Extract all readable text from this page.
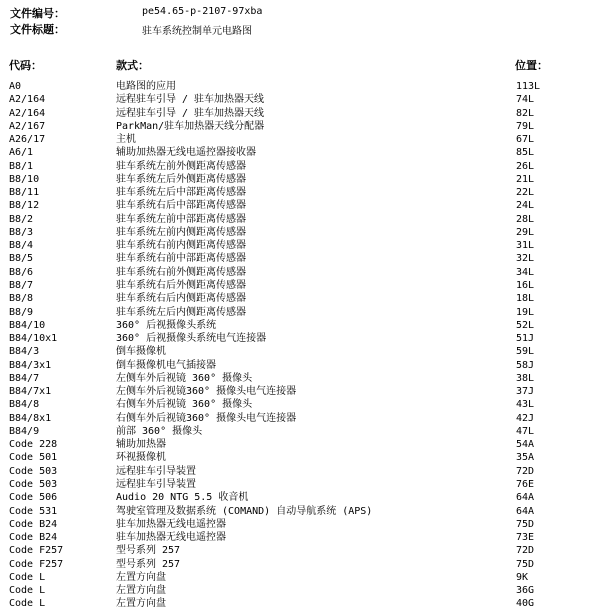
文件编号：	pe54.65-p-2107-97xba
文件标题：	驻车系统控制单元电路图
代码：	款式：	位置：
A0	电路图的应用	113L
A2/164	远程驻车引导 / 驻车加热器天线	74L
A2/164	远程驻车引导 / 驻车加热器天线	82L
A2/167	ParkMan/驻车加热器天线分配器	79L
A26/17	主机	67L
A6/1	辅助加热器无线电遥控器接收器	85L
B8/1	驻车系统左前外侧距离传感器	26L
B8/10	驻车系统左后外侧距离传感器	21L
B8/11	驻车系统左后中部距离传感器	22L
B8/12	驻车系统右后中部距离传感器	24L
B8/2	驻车系统左前中部距离传感器	28L
B8/3	驻车系统左前内侧距离传感器	29L
B8/4	驻车系统右前内侧距离传感器	31L
B8/5	驻车系统右前中部距离传感器	32L
B8/6	驻车系统右前外侧距离传感器	34L
B8/7	驻车系统右后外侧距离传感器	16L
B8/8	驻车系统右后内侧距离传感器	18L
B8/9	驻车系统左后内侧距离传感器	19L
B84/10	360° 后视摄像头系统	52L
B84/10x1	360° 后视摄像头系统电气连接器	51J
B84/3	倒车摄像机	59L
B84/3x1	倒车摄像机电气插接器	58J
B84/7	左侧车外后视镜 360° 摄像头	38L
B84/7x1	左侧车外后视镜360° 摄像头电气连接器	37J
B84/8	右侧车外后视镜 360° 摄像头	43L
B84/8x1	右侧车外后视镜360° 摄像头电气连接器	42J
B84/9	前部 360° 摄像头	47L
Code 228	辅助加热器	54A
Code 501	环视摄像机	35A
Code 503	远程驻车引导装置	72D
Code 503	远程驻车引导装置	76E
Code 506	Audio 20 NTG 5.5 收音机	64A
Code 531	驾驶室管理及数据系统 (COMAND) 自动导航系统 (APS)	64A
Code B24	驻车加热器无线电遥控器	75D
Code B24	驻车加热器无线电遥控器	73E
Code F257	型号系列 257	72D
Code F257	型号系列 257	75D
Code L	左置方向盘	9K
Code L	左置方向盘	36G
Code L	左置方向盘	40G
